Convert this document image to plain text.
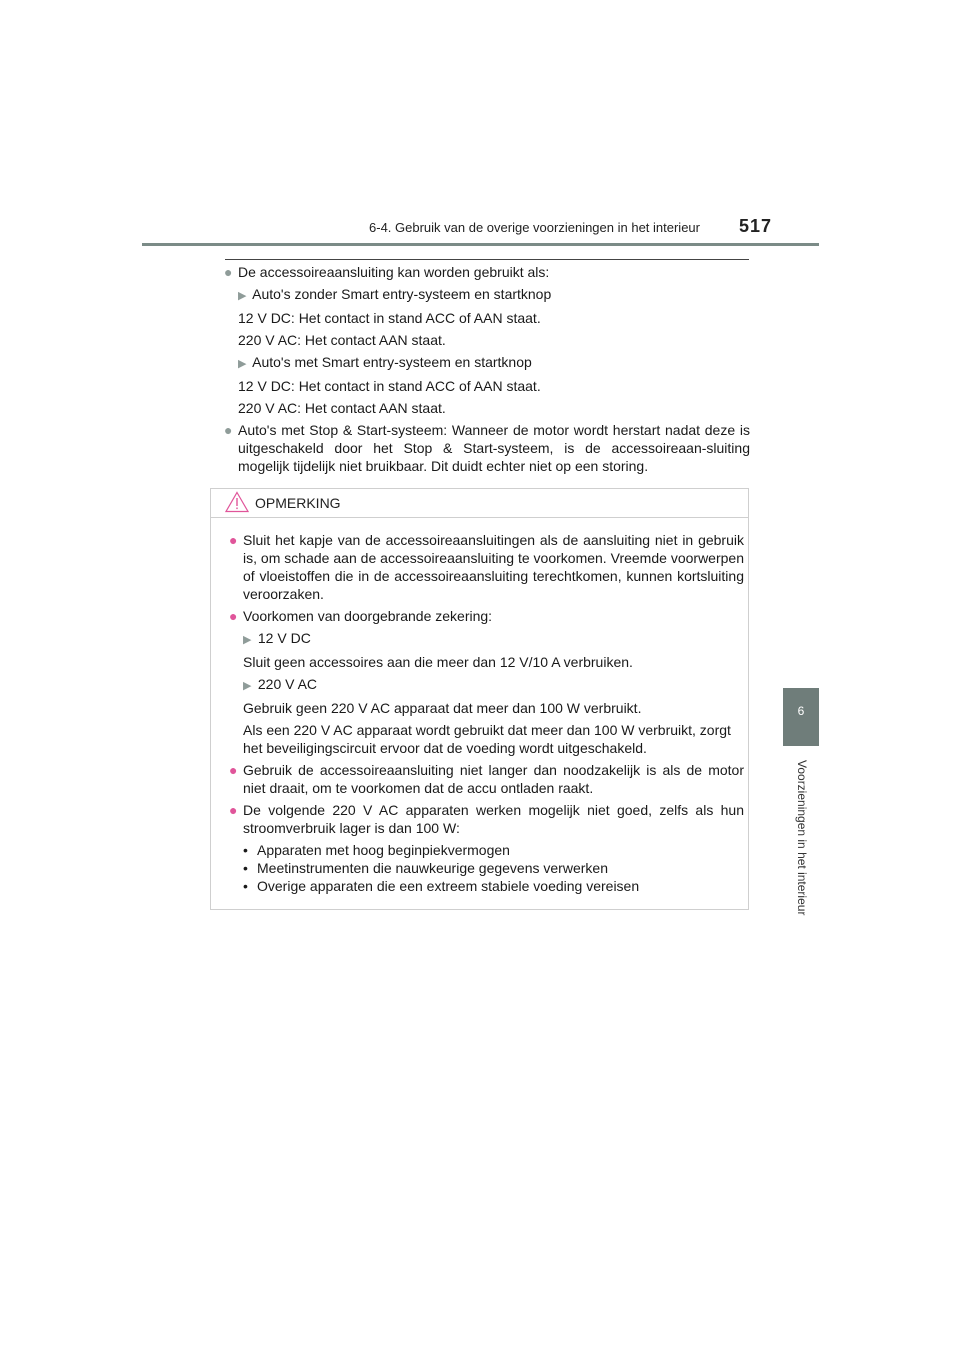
6-4. Gebruik van de overige voorzieningen in het interieur	517
6
Voorzieningen in het interieur
● De accessoireaansluiting kan worden gebruikt als:
▶ Auto's zonder Smart entry-systeem en startknop
12 V DC: Het contact in stand ACC of AAN staat.
220 V AC: Het contact AAN staat.
▶ Auto's met Smart entry-systeem en startknop
12 V DC: Het contact in stand ACC of AAN staat.
220 V AC: Het contact AAN staat.
● Auto's met Stop & Start-systeem: Wanneer de motor wordt herstart nadat deze is uitgeschakeld door het Stop & Start-systeem, is de accessoireaan-sluiting mogelijk tijdelijk niet bruikbaar. Dit duidt echter niet op een storing.
OPMERKING
● Sluit het kapje van de accessoireaansluitingen als de aansluiting niet in gebruik is, om schade aan de accessoireaansluiting te voorkomen. Vreemde voorwerpen of vloeistoffen die in de accessoireaansluiting terechtkomen, kunnen kortsluiting veroorzaken.
● Voorkomen van doorgebrande zekering:
▶ 12 V DC
Sluit geen accessoires aan die meer dan 12 V/10 A verbruiken.
▶ 220 V AC
Gebruik geen 220 V AC apparaat dat meer dan 100 W verbruikt.
Als een 220 V AC apparaat wordt gebruikt dat meer dan 100 W verbruikt, zorgt het beveiligingscircuit ervoor dat de voeding wordt uitgeschakeld.
● Gebruik de accessoireaansluiting niet langer dan noodzakelijk is als de motor niet draait, om te voorkomen dat de accu ontladen raakt.
● De volgende 220 V AC apparaten werken mogelijk niet goed, zelfs als hun stroomverbruik lager is dan 100 W:
• Apparaten met hoog beginpiekvermogen
• Meetinstrumenten die nauwkeurige gegevens verwerken
• Overige apparaten die een extreem stabiele voeding vereisen
